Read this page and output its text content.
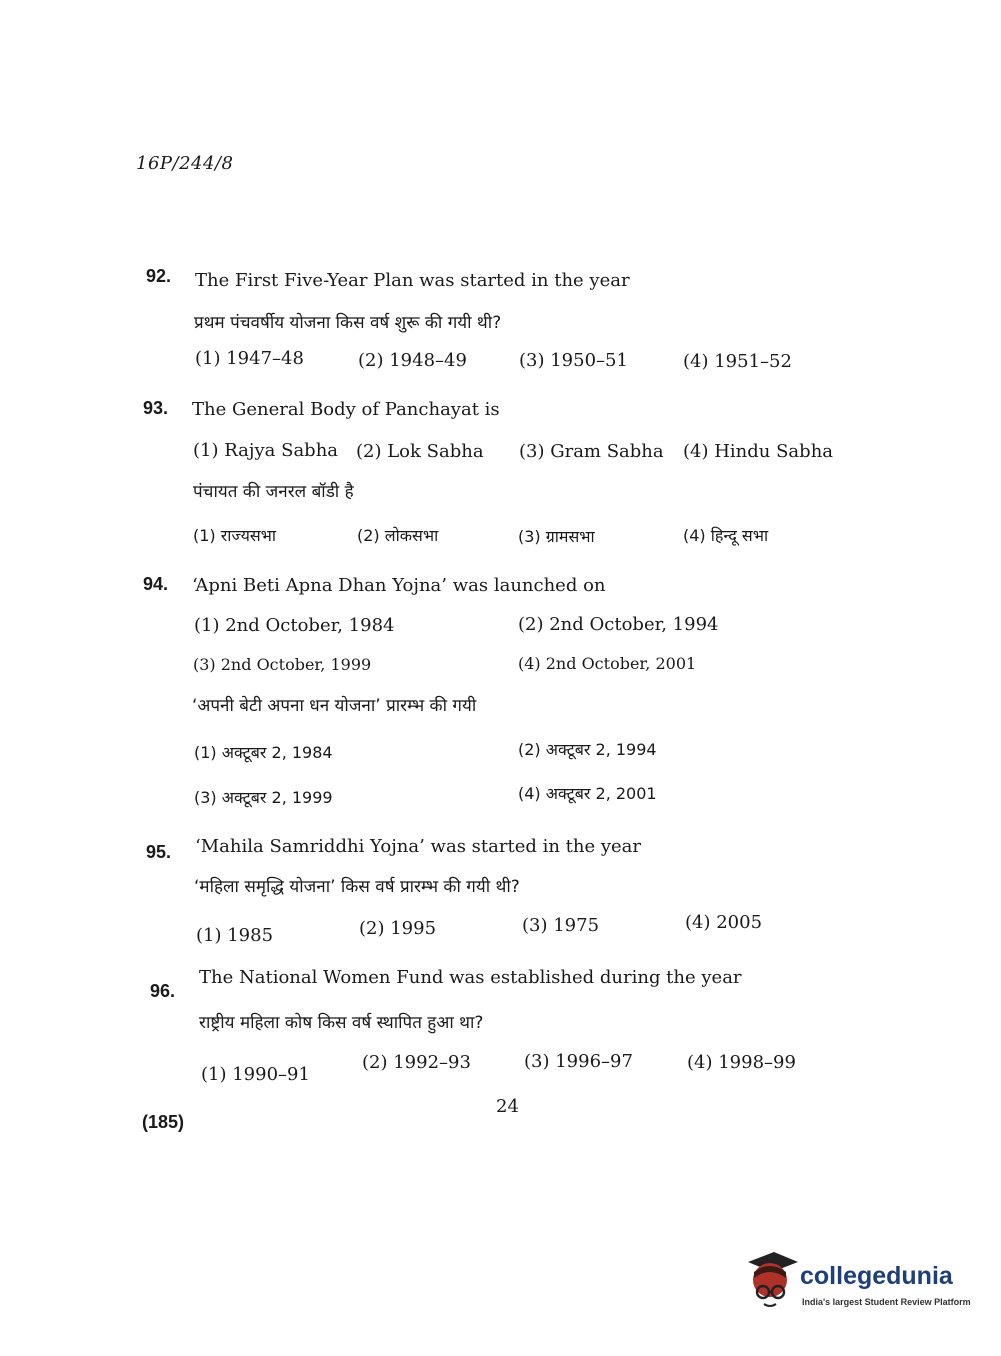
16P/244/8
92. The First Five-Year Plan was started in the year
प्रथम पंचवर्षीय योजना किस वर्ष शुरू की गयी थी?
(1) 1947–48	(2) 1948–49	(3) 1950–51	(4) 1951–52
93. The General Body of Panchayat is
(1) Rajya Sabha (2) Lok Sabha (3) Gram Sabha (4) Hindu Sabha
पंचायत की जनरल बॉडी है
(1) राज्यसभा	(2) लोकसभा	(3) ग्रामसभा	(4) हिन्दू सभा
94. ‘Apni Beti Apna Dhan Yojna’ was launched on
(1) 2nd October, 1984	(2) 2nd October, 1994
(3) 2nd October, 1999	(4) 2nd October, 2001
‘अपनी बेटी अपना धन योजना’ प्रारम्भ की गयी
(1) अक्टूबर 2, 1984	(2) अक्टूबर 2, 1994
(3) अक्टूबर 2, 1999	(4) अक्टूबर 2, 2001
95. ‘Mahila Samriddhi Yojna’ was started in the year
‘महिला समृद्धि योजना’ किस वर्ष प्रारम्भ की गयी थी?
(1) 1985	(2) 1995	(3) 1975	(4) 2005
96.
The National Women Fund was established during the year
राष्ट्रीय महिला कोष किस वर्ष स्थापित हुआ था?
(1) 1990–91
(2) 1992–93	(3) 1996–97	(4) 1998–99
24
(185)
collegedunia
India's largest Student Review Platform
